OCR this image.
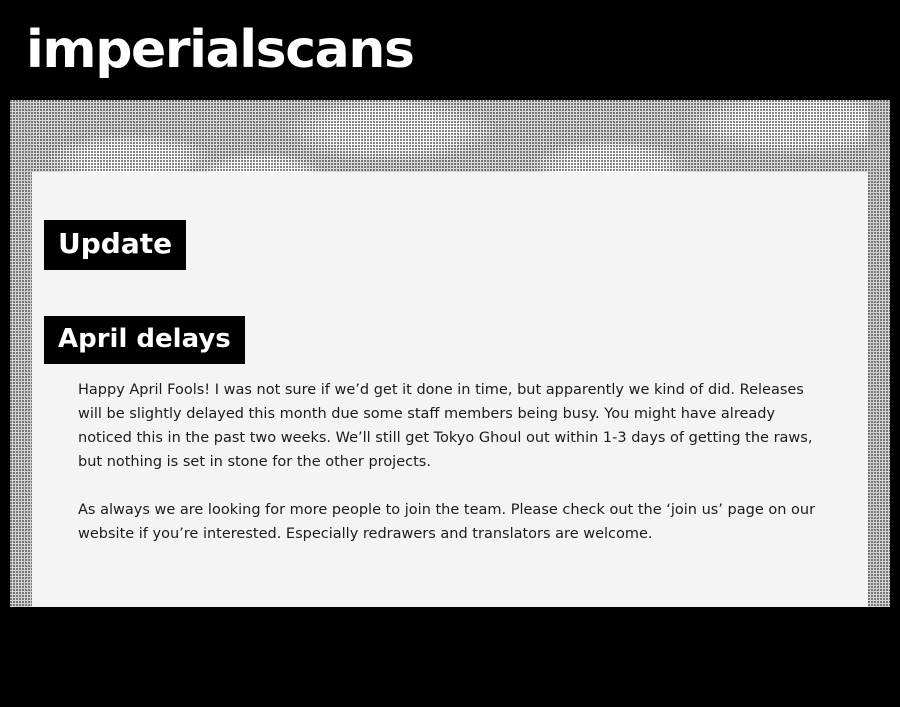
imperialscans
Update
April delays

Happy April Fools! I was not sure if we’d get it done in time, but apparently we kind of did. Releases will be slightly delayed this month due some staff members being busy. You might have already noticed this in the past two weeks. We’ll still get Tokyo Ghoul out within 1-3 days of getting the raws, but nothing is set in stone for the other projects.

As always we are looking for more people to join the team. Please check out the ‘join us’ page on our website if you’re interested. Especially redrawers and translators are welcome.
